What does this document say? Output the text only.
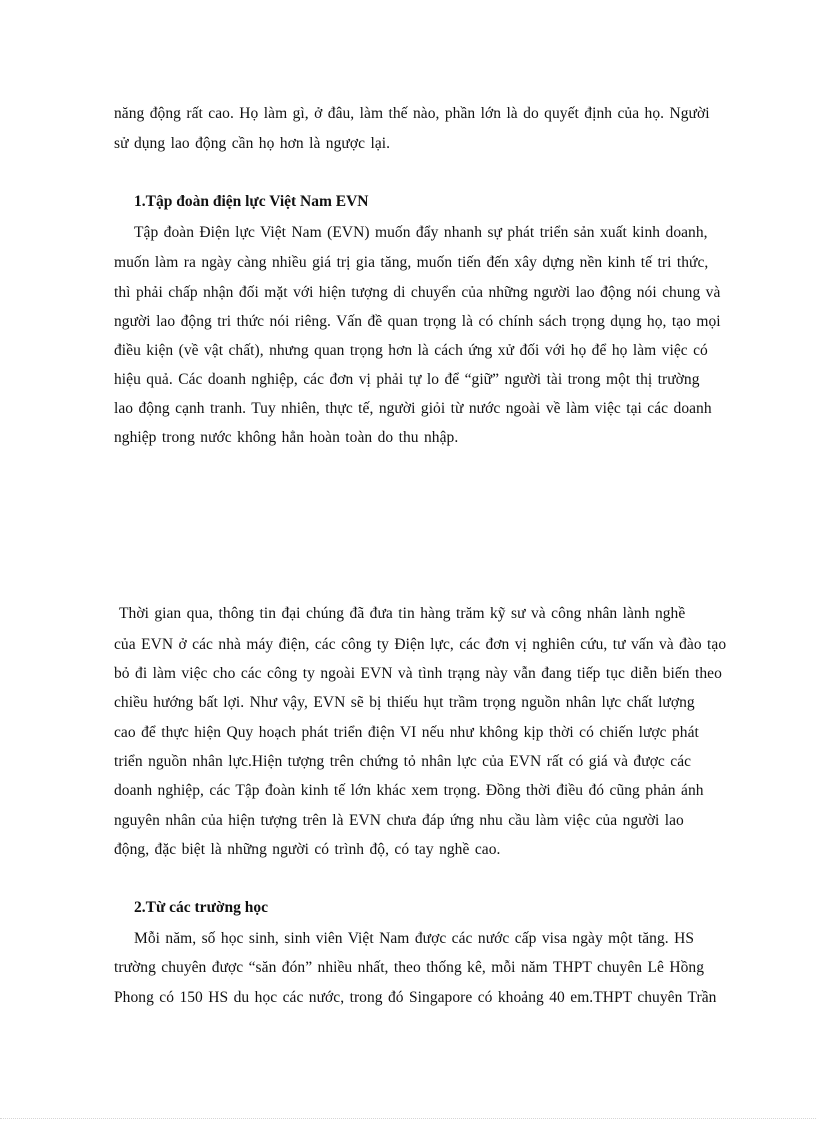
năng động rất cao. Họ làm gì, ở đâu, làm thế nào, phần lớn là do quyết định của họ. Người
sử dụng lao động cần họ hơn là ngược lại.
1.Tập đoàn điện lực Việt Nam EVN
Tập đoàn Điện lực Việt Nam (EVN) muốn đẩy nhanh sự phát triển sản xuất kinh doanh,
muốn làm ra ngày càng nhiều giá trị gia tăng, muốn tiến đến xây dựng nền kinh tế tri thức,
thì phải chấp nhận đối mặt với hiện tượng di chuyển của những người lao động nói chung và
người lao động tri thức nói riêng. Vấn đề quan trọng là có chính sách trọng dụng họ, tạo mọi
điều kiện (về vật chất), nhưng quan trọng hơn là cách ứng xử đối với họ để họ làm việc có
hiệu quả. Các doanh nghiệp, các đơn vị phải tự lo để “giữ” người tài trong một thị trường
lao động cạnh tranh. Tuy nhiên, thực tế, người giỏi từ nước ngoài về làm việc tại các doanh
nghiệp trong nước không hẳn hoàn toàn do thu nhập.
Thời gian qua, thông tin đại chúng đã đưa tin hàng trăm kỹ sư và công nhân lành nghề
của EVN ở các nhà máy điện, các công ty Điện lực, các đơn vị nghiên cứu, tư vấn và đào tạo
bỏ đi làm việc cho các công ty ngoài EVN và tình trạng này vẫn đang tiếp tục diễn biến theo
chiều hướng bất lợi. Như vậy, EVN sẽ bị thiếu hụt trầm trọng nguồn nhân lực chất lượng
cao để thực hiện Quy hoạch phát triển điện VI nếu như không kịp thời có chiến lược phát
triển nguồn nhân lực.Hiện tượng trên chứng tỏ nhân lực của EVN rất có giá và được các
doanh nghiệp, các Tập đoàn kinh tế lớn khác xem trọng. Đồng thời điều đó cũng phản ánh
nguyên nhân của hiện tượng trên là EVN chưa đáp ứng nhu cầu làm việc của người lao
động, đặc biệt là những người có trình độ, có tay nghề cao.
2.Từ các trường học
Mỗi năm, số học sinh, sinh viên Việt Nam được các nước cấp visa ngày một tăng. HS
trường chuyên được “săn đón” nhiều nhất, theo thống kê, mỗi năm THPT chuyên Lê Hồng
Phong có 150 HS du học các nước, trong đó Singapore có khoảng 40 em.THPT chuyên Trần
